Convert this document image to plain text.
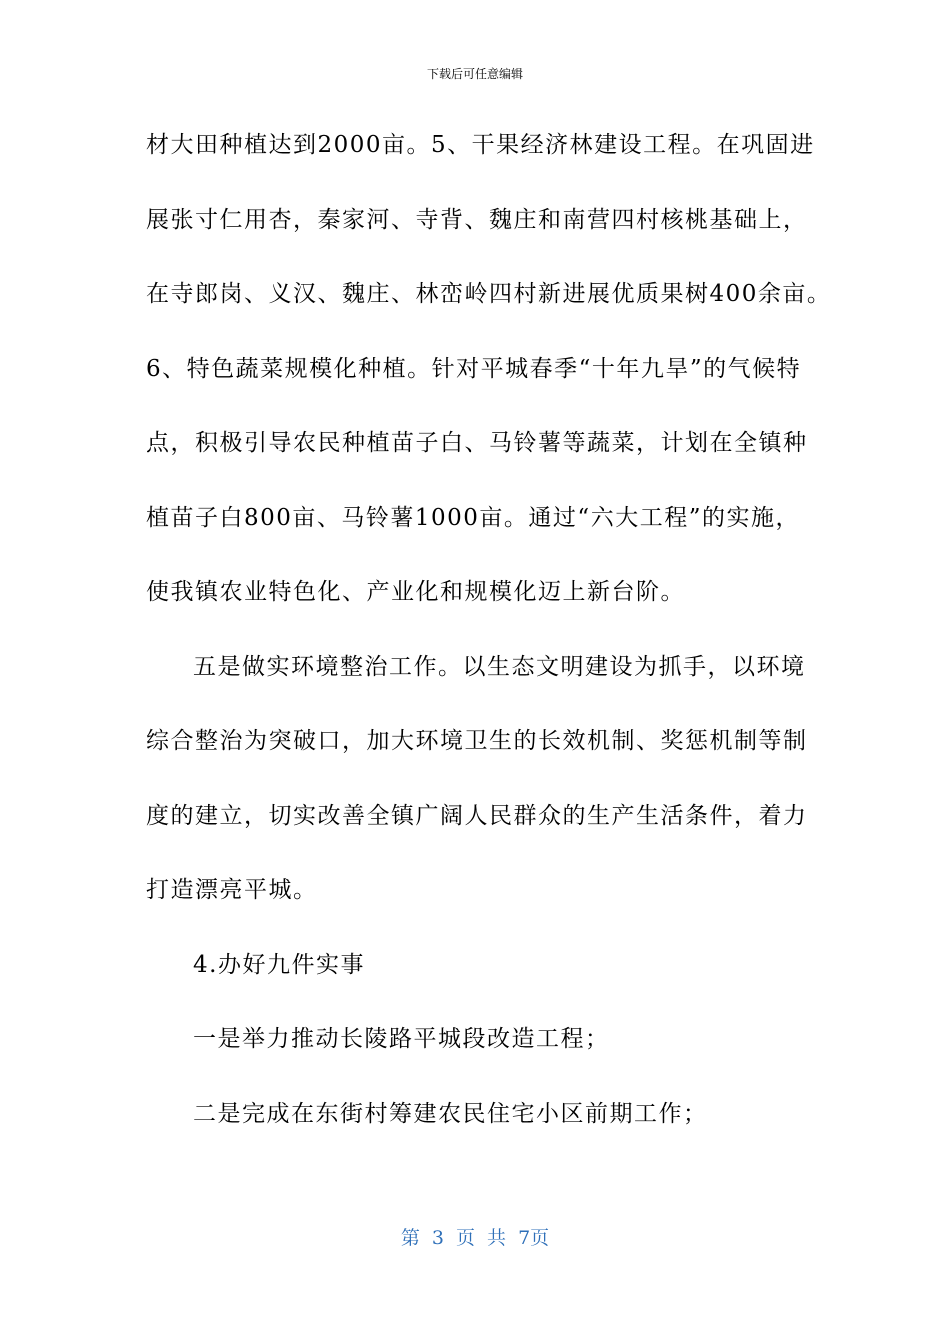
下载后可任意编辑
材大田种植达到2000亩。5、干果经济林建设工程。在巩固进
展张寸仁用杏，秦家河、寺背、魏庄和南营四村核桃基础上，
在寺郎岗、义汉、魏庄、林峦岭四村新进展优质果树400余亩。
6、特色蔬菜规模化种植。针对平城春季“十年九旱”的气候特
点，积极引导农民种植苗子白、马铃薯等蔬菜，计划在全镇种
植苗子白800亩、马铃薯1000亩。通过“六大工程”的实施，
使我镇农业特色化、产业化和规模化迈上新台阶。
五是做实环境整治工作。以生态文明建设为抓手，以环境
综合整治为突破口，加大环境卫生的长效机制、奖惩机制等制
度的建立，切实改善全镇广阔人民群众的生产生活条件，着力
打造漂亮平城。
4.办好九件实事
一是举力推动长陵路平城段改造工程；
二是完成在东街村筹建农民住宅小区前期工作；
第 3 页 共 7页
